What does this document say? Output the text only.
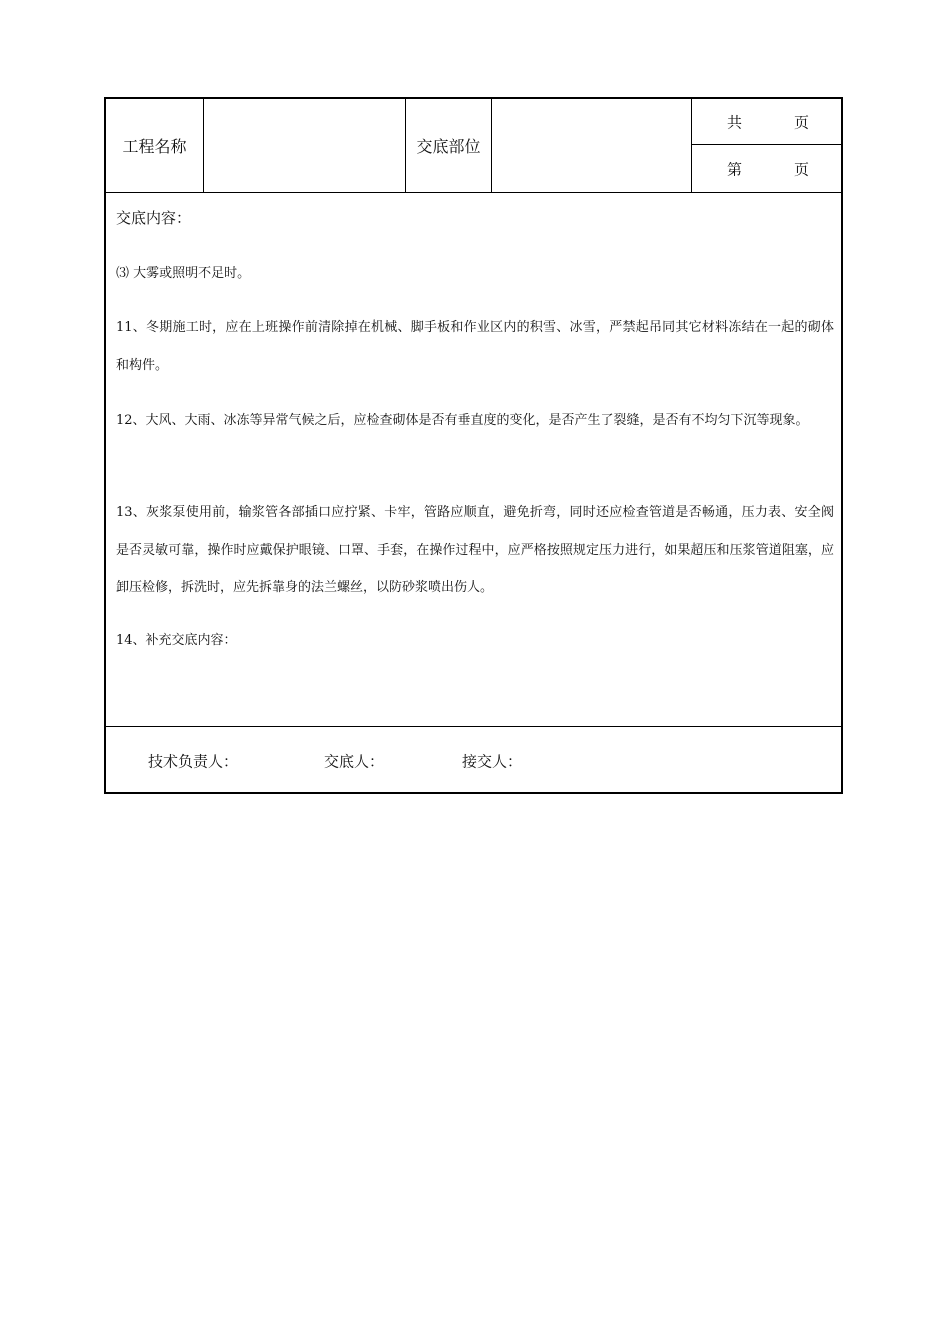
工程名称	交底部位
共	页
第	页
交底内容：
⑶ 大雾或照明不足时。
11、冬期施工时，应在上班操作前清除掉在机械、脚手板和作业区内的积雪、冰雪，严禁起吊同其它材料冻结在一起的砌体和构件。
12、大风、大雨、冰冻等异常气候之后，应检查砌体是否有垂直度的变化，是否产生了裂缝，是否有不均匀下沉等现象。
13、灰浆泵使用前，输浆管各部插口应拧紧、卡牢，管路应顺直，避免折弯，同时还应检查管道是否畅通，压力表、安全阀是否灵敏可靠，操作时应戴保护眼镜、口罩、手套，在操作过程中，应严格按照规定压力进行，如果超压和压浆管道阻塞，应卸压检修，拆洗时，应先拆靠身的法兰螺丝，以防砂浆喷出伤人。
14、补充交底内容：
技术负责人：	交底人：	接交人：
